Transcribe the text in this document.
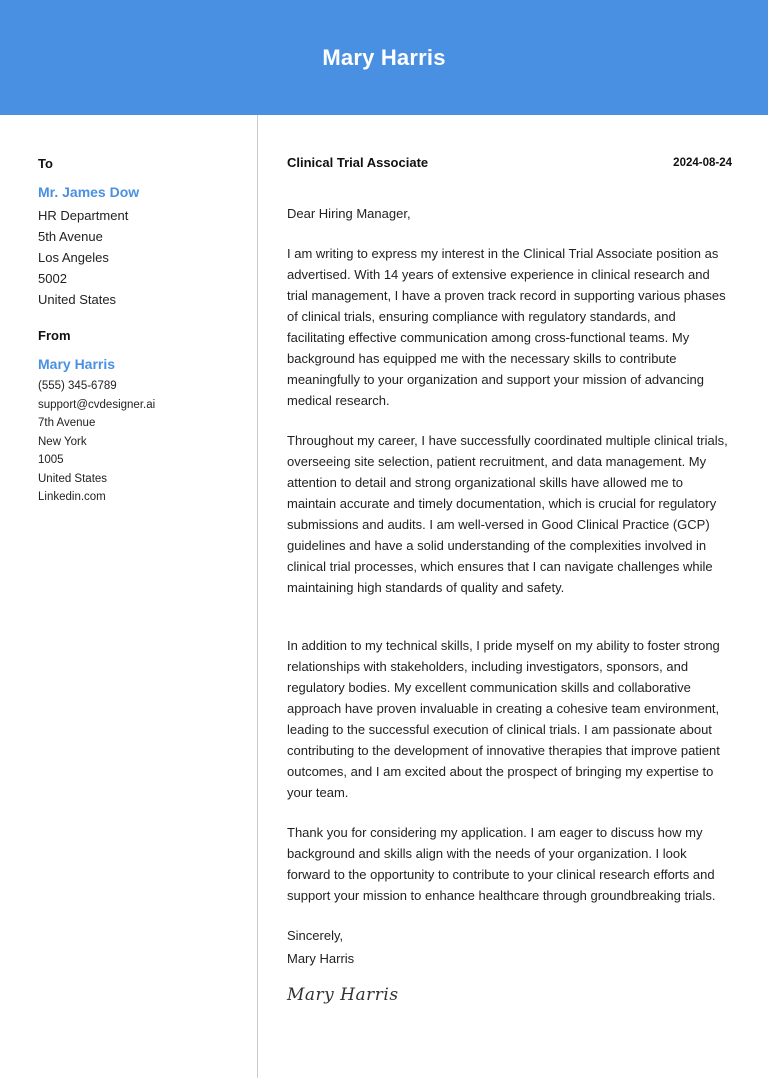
Mary Harris
To
Mr. James Dow
HR Department
5th Avenue
Los Angeles
5002
United States
From
Mary Harris
(555) 345-6789
support@cvdesigner.ai
7th Avenue
New York
1005
United States
Linkedin.com
Clinical Trial Associate	2024-08-24
Dear Hiring Manager,

I am writing to express my interest in the Clinical Trial Associate position as advertised. With 14 years of extensive experience in clinical research and trial management, I have a proven track record in supporting various phases of clinical trials, ensuring compliance with regulatory standards, and facilitating effective communication among cross-functional teams. My background has equipped me with the necessary skills to contribute meaningfully to your organization and support your mission of advancing medical research.

Throughout my career, I have successfully coordinated multiple clinical trials, overseeing site selection, patient recruitment, and data management. My attention to detail and strong organizational skills have allowed me to maintain accurate and timely documentation, which is crucial for regulatory submissions and audits. I am well-versed in Good Clinical Practice (GCP) guidelines and have a solid understanding of the complexities involved in clinical trial processes, which ensures that I can navigate challenges while maintaining high standards of quality and safety.

In addition to my technical skills, I pride myself on my ability to foster strong relationships with stakeholders, including investigators, sponsors, and regulatory bodies. My excellent communication skills and collaborative approach have proven invaluable in creating a cohesive team environment, leading to the successful execution of clinical trials. I am passionate about contributing to the development of innovative therapies that improve patient outcomes, and I am excited about the prospect of bringing my expertise to your team.

Thank you for considering my application. I am eager to discuss how my background and skills align with the needs of your organization. I look forward to the opportunity to contribute to your clinical research efforts and support your mission to enhance healthcare through groundbreaking trials.

Sincerely,
Mary Harris
Mary Harris
